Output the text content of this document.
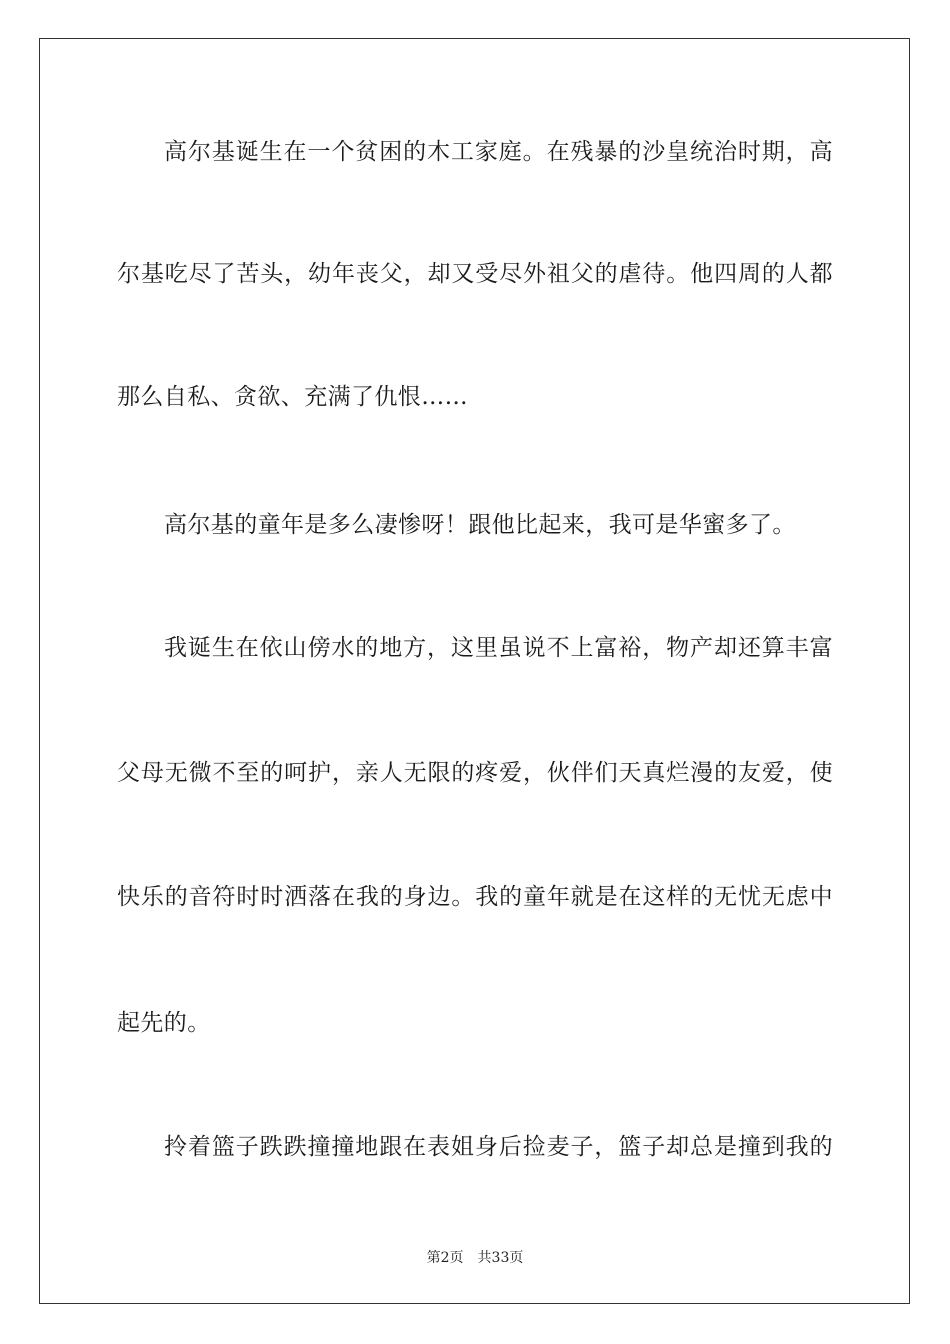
高尔基诞生在一个贫困的木工家庭。在残暴的沙皇统治时期，高
尔基吃尽了苦头，幼年丧父，却又受尽外祖父的虐待。他四周的人都
那么自私、贪欲、充满了仇恨……
高尔基的童年是多么凄惨呀！跟他比起来，我可是华蜜多了。
我诞生在依山傍水的地方，这里虽说不上富裕，物产却还算丰富
父母无微不至的呵护，亲人无限的疼爱，伙伴们天真烂漫的友爱，使
快乐的音符时时洒落在我的身边。我的童年就是在这样的无忧无虑中
起先的。
拎着篮子跌跌撞撞地跟在表姐身后捡麦子，篮子却总是撞到我的
第2页 共33页
